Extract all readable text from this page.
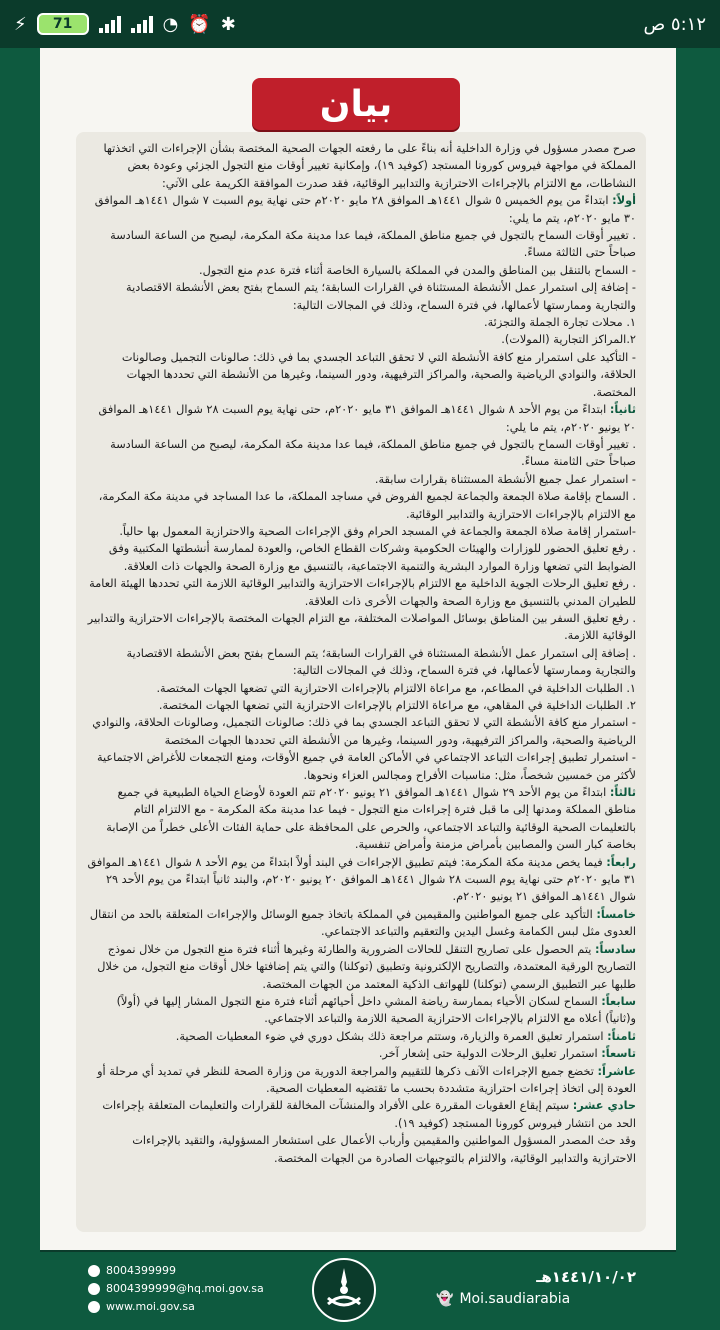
⚡	71	◔ ⏰ ✱	٥:١٢ ص
بيان

صرح مصدر مسؤول في وزارة الداخلية أنه بناءً على ما رفعته الجهات الصحية المختصة بشأن الإجراءات التي اتخذتها المملكة في مواجهة فيروس كورونا المستجد (كوفيد ١٩)، وإمكانية تغيير أوقات منع التجول الجزئي وعودة بعض النشاطات، مع الالتزام بالإجراءات الاحترازية والتدابير الوقائية، فقد صدرت الموافقة الكريمة على الآتي:

أولاً: ابتداءً من يوم الخميس ٥ شوال ١٤٤١هـ الموافق ٢٨ مايو ٢٠٢٠م حتى نهاية يوم السبت ٧ شوال ١٤٤١هـ الموافق ٣٠ مايو ٢٠٢٠م، يتم ما يلي:

. تغيير أوقات السماح بالتجول في جميع مناطق المملكة، فيما عدا مدينة مكة المكرمة، ليصبح من الساعة السادسة صباحاً حتى الثالثة مساءً.

- السماح بالتنقل بين المناطق والمدن في المملكة بالسيارة الخاصة أثناء فترة عدم منع التجول.

- إضافة إلى استمرار عمل الأنشطة المستثناة في القرارات السابقة؛ يتم السماح بفتح بعض الأنشطة الاقتصادية والتجارية وممارستها لأعمالها، في فترة السماح، وذلك في المجالات التالية:

١. محلات تجارة الجملة والتجزئة.

٢.المراكز التجارية (المولات).

- التأكيد على استمرار منع كافة الأنشطة التي لا تحقق التباعد الجسدي بما في ذلك: صالونات التجميل وصالونات الحلاقة، والنوادي الرياضية والصحية، والمراكز الترفيهية، ودور السينما، وغيرها من الأنشطة التي تحددها الجهات المختصة.

ثانياً: ابتداءً من يوم الأحد ٨ شوال ١٤٤١هـ الموافق ٣١ مايو ٢٠٢٠م، حتى نهاية يوم السبت ٢٨ شوال ١٤٤١هـ الموافق ٢٠ يونيو ٢٠٢٠م، يتم ما يلي:

. تغيير أوقات السماح بالتجول في جميع مناطق المملكة، فيما عدا مدينة مكة المكرمة، ليصبح من الساعة السادسة صباحاً حتى الثامنة مساءً.

- استمرار عمل جميع الأنشطة المستثناة بقرارات سابقة.

. السماح بإقامة صلاة الجمعة والجماعة لجميع الفروض في مساجد المملكة، ما عدا المساجد في مدينة مكة المكرمة، مع الالتزام بالإجراءات الاحترازية والتدابير الوقائية.

-استمرار إقامة صلاة الجمعة والجماعة في المسجد الحرام وفق الإجراءات الصحية والاحترازية المعمول بها حالياً.

. رفع تعليق الحضور للوزارات والهيئات الحكومية وشركات القطاع الخاص، والعودة لممارسة أنشطتها المكتبية وفق الضوابط التي تضعها وزارة الموارد البشرية والتنمية الاجتماعية، بالتنسيق مع وزارة الصحة والجهات ذات العلاقة.

. رفع تعليق الرحلات الجوية الداخلية مع الالتزام بالإجراءات الاحترازية والتدابير الوقائية اللازمة التي تحددها الهيئة العامة للطيران المدني بالتنسيق مع وزارة الصحة والجهات الأخرى ذات العلاقة.

. رفع تعليق السفر بين المناطق بوسائل المواصلات المختلفة، مع التزام الجهات المختصة بالإجراءات الاحترازية والتدابير الوقائية اللازمة.

. إضافة إلى استمرار عمل الأنشطة المستثناة في القرارات السابقة؛ يتم السماح بفتح بعض الأنشطة الاقتصادية والتجارية وممارستها لأعمالها، في فترة السماح، وذلك في المجالات التالية:

١. الطلبات الداخلية في المطاعم، مع مراعاة الالتزام بالإجراءات الاحترازية التي تضعها الجهات المختصة.

٢. الطلبات الداخلية في المقاهي، مع مراعاة الالتزام بالإجراءات الاحترازية التي تضعها الجهات المختصة.

- استمرار منع كافة الأنشطة التي لا تحقق التباعد الجسدي بما في ذلك: صالونات التجميل، وصالونات الحلاقة، والنوادي الرياضية والصحية، والمراكز الترفيهية، ودور السينما، وغيرها من الأنشطة التي تحددها الجهات المختصة

- استمرار تطبيق إجراءات التباعد الاجتماعي في الأماكن العامة في جميع الأوقات، ومنع التجمعات للأغراض الاجتماعية لأكثر من خمسين شخصاً، مثل: مناسبات الأفراح ومجالس العزاء ونحوها.

ثالثاً: ابتداءً من يوم الأحد ٢٩ شوال ١٤٤١هـ الموافق ٢١ يونيو ٢٠٢٠م تتم العودة لأوضاع الحياة الطبيعية في جميع مناطق المملكة ومدنها إلى ما قبل فترة إجراءات منع التجول - فيما عدا مدينة مكة المكرمة - مع الالتزام التام بالتعليمات الصحية الوقائية والتباعد الاجتماعي، والحرص على المحافظة على حماية الفئات الأعلى خطراً من الإصابة بخاصة كبار السن والمصابين بأمراض مزمنة وأمراض تنفسية.

رابعاً: فيما يخص مدينة مكة المكرمة: فيتم تطبيق الإجراءات في البند أولاً ابتداءً من يوم الأحد ٨ شوال ١٤٤١هـ الموافق ٣١ مايو ٢٠٢٠م حتى نهاية يوم السبت ٢٨ شوال ١٤٤١هـ الموافق ٢٠ يونيو ٢٠٢٠م، والبند ثانياً ابتداءً من يوم الأحد ٢٩ شوال ١٤٤١هـ الموافق ٢١ يونيو ٢٠٢٠م.

خامساً: التأكيد على جميع المواطنين والمقيمين في المملكة باتخاذ جميع الوسائل والإجراءات المتعلقة بالحد من انتقال العدوى مثل لبس الكمامة وغسل اليدين والتعقيم والتباعد الاجتماعي.

سادساً: يتم الحصول على تصاريح التنقل للحالات الضرورية والطارئة وغيرها أثناء فترة منع التجول من خلال نموذج التصاريح الورقية المعتمدة، والتصاريح الإلكترونية وتطبيق (توكلنا) والتي يتم إضافتها خلال أوقات منع التجول، من خلال طلبها عبر التطبيق الرسمي (توكلنا) للهواتف الذكية المعتمد من الجهات المختصة.

سابعاً: السماح لسكان الأحياء بممارسة رياضة المشي داخل أحيائهم أثناء فترة منع التجول المشار إليها في (أولاً) و(ثانياً) أعلاه مع الالتزام بالإجراءات الاحترازية الصحية اللازمة والتباعد الاجتماعي.

ثامناً: استمرار تعليق العمرة والزيارة، وستتم مراجعة ذلك بشكل دوري في ضوء المعطيات الصحية.

تاسعاً: استمرار تعليق الرحلات الدولية حتى إشعار آخر.

عاشراً: تخضع جميع الإجراءات الآنف ذكرها للتقييم والمراجعة الدورية من وزارة الصحة للنظر في تمديد أي مرحلة أو العودة إلى اتخاذ إجراءات احترازية متشددة بحسب ما تقتضيه المعطيات الصحية.

حادي عشر: سيتم إيقاع العقوبات المقررة على الأفراد والمنشآت المخالفة للقرارات والتعليمات المتعلقة بإجراءات الحد من انتشار فيروس كورونا المستجد (كوفيد ١٩).

وقد حث المصدر المسؤول المواطنين والمقيمين وأرباب الأعمال على استشعار المسؤولية، والتقيد بالإجراءات الاحترازية والتدابير الوقائية، والالتزام بالتوجيهات الصادرة من الجهات المختصة.

8004399999
8004399999@hq.moi.gov.sa
www.moi.gov.sa
١٤٤١/١٠/٠٢هـ
👻 Moi.saudiarabia
